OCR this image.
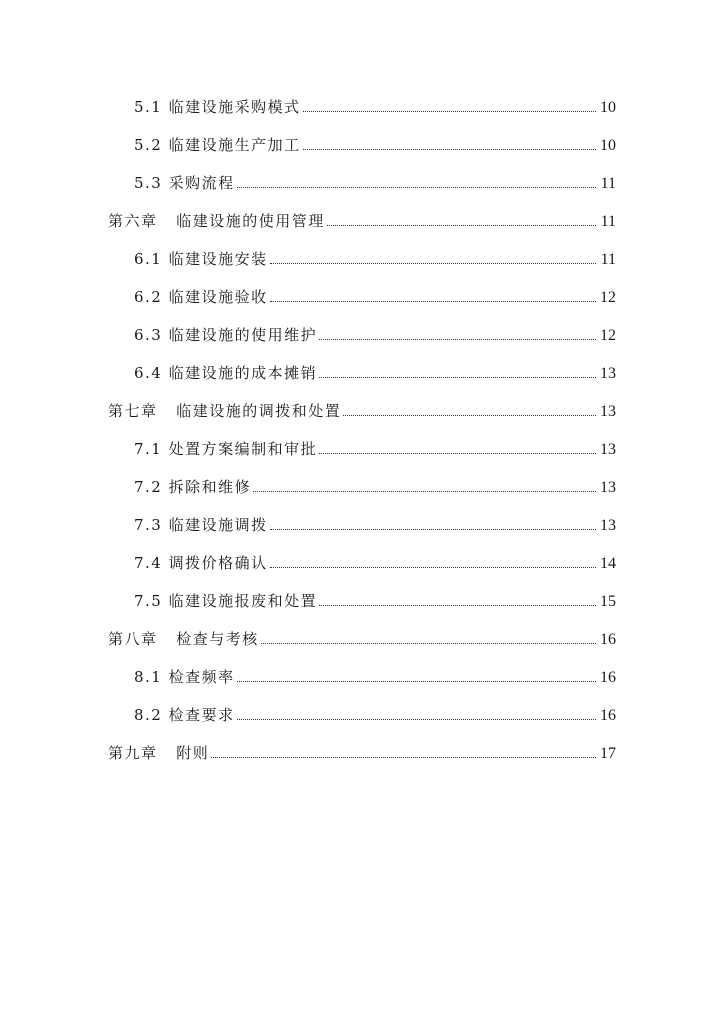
5.1 临建设施采购模式	10
5.2 临建设施生产加工	10
5.3 采购流程	11
第六章   临建设施的使用管理	11
6.1 临建设施安装	11
6.2 临建设施验收	12
6.3 临建设施的使用维护	12
6.4 临建设施的成本摊销	13
第七章   临建设施的调拨和处置	13
7.1 处置方案编制和审批	13
7.2 拆除和维修	13
7.3 临建设施调拨	13
7.4 调拨价格确认	14
7.5 临建设施报废和处置	15
第八章   检查与考核	16
8.1 检查频率	16
8.2 检查要求	16
第九章   附则	17
